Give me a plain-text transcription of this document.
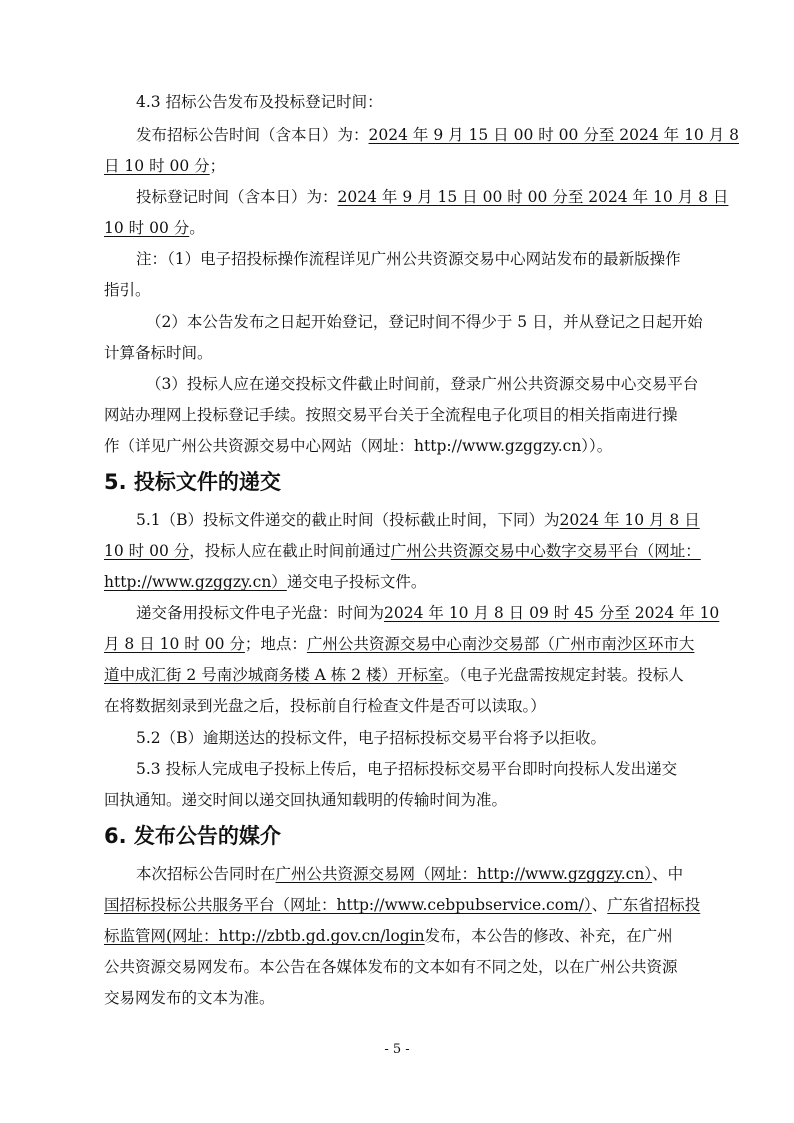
4.3 招标公告发布及投标登记时间：
发布招标公告时间（含本日）为：2024 年 9 月 15 日 00 时 00 分至 2024 年 10 月 8
日 10 时 00 分；
投标登记时间（含本日）为：2024 年 9 月 15 日 00 时 00 分至 2024 年 10 月 8 日
10 时 00 分。
注：（1）电子招投标操作流程详见广州公共资源交易中心网站发布的最新版操作
指引。
（2）本公告发布之日起开始登记，登记时间不得少于 5 日，并从登记之日起开始
计算备标时间。
（3）投标人应在递交投标文件截止时间前，登录广州公共资源交易中心交易平台
网站办理网上投标登记手续。按照交易平台关于全流程电子化项目的相关指南进行操
作（详见广州公共资源交易中心网站（网址：http://www.gzggzy.cn））。
5. 投标文件的递交
5.1（B）投标文件递交的截止时间（投标截止时间，下同）为2024 年 10 月 8 日
10 时 00 分，投标人应在截止时间前通过广州公共资源交易中心数字交易平台（网址：
http://www.gzggzy.cn）递交电子投标文件。
递交备用投标文件电子光盘：时间为2024 年 10 月 8 日 09 时 45 分至 2024 年 10
月 8 日 10 时 00 分；地点：广州公共资源交易中心南沙交易部（广州市南沙区环市大
道中成汇街 2 号南沙城商务楼 A 栋 2 楼）开标室。（电子光盘需按规定封装。投标人
在将数据刻录到光盘之后，投标前自行检查文件是否可以读取。）
5.2（B）逾期送达的投标文件，电子招标投标交易平台将予以拒收。
5.3 投标人完成电子投标上传后，电子招标投标交易平台即时向投标人发出递交
回执通知。递交时间以递交回执通知载明的传输时间为准。
6. 发布公告的媒介
本次招标公告同时在广州公共资源交易网（网址：http://www.gzggzy.cn）、中
国招标投标公共服务平台（网址：http://www.cebpubservice.com/）、广东省招标投
标监管网(网址：http://zbtb.gd.gov.cn/login发布，本公告的修改、补充，在广州
公共资源交易网发布。本公告在各媒体发布的文本如有不同之处，以在广州公共资源
交易网发布的文本为准。
- 5 -
